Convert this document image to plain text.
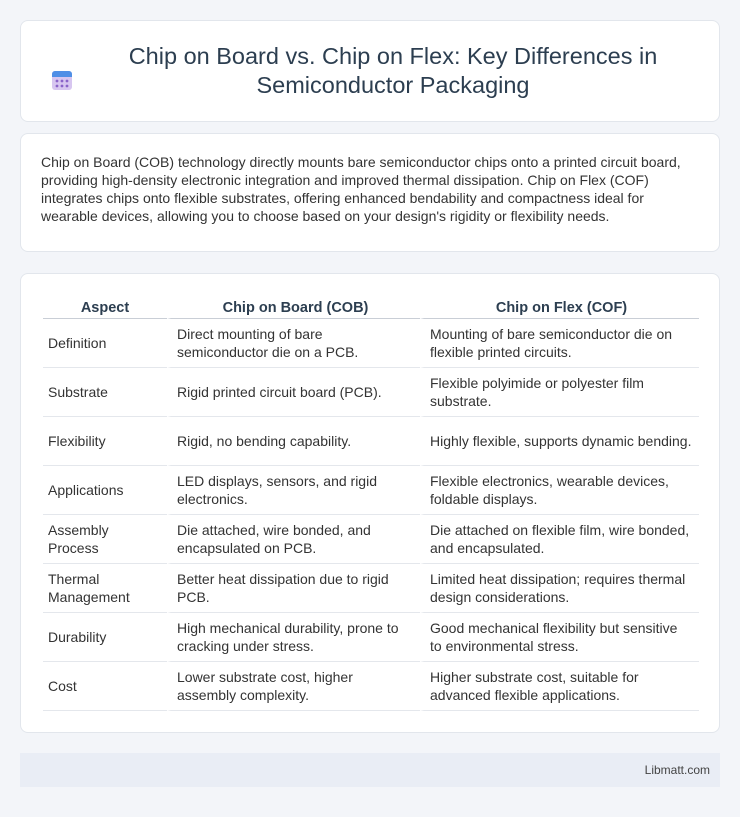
Chip on Board vs. Chip on Flex: Key Differences in Semiconductor Packaging

Chip on Board (COB) technology directly mounts bare semiconductor chips onto a printed circuit board, providing high-density electronic integration and improved thermal dissipation. Chip on Flex (COF) integrates chips onto flexible substrates, offering enhanced bendability and compactness ideal for wearable devices, allowing you to choose based on your design's rigidity or flexibility needs.

Aspect	Chip on Board (COB)	Chip on Flex (COF)
Definition	Direct mounting of bare semiconductor die on a PCB.	Mounting of bare semiconductor die on flexible printed circuits.
Substrate	Rigid printed circuit board (PCB).	Flexible polyimide or polyester film substrate.
Flexibility	Rigid, no bending capability.	Highly flexible, supports dynamic bending.
Applications	LED displays, sensors, and rigid electronics.	Flexible electronics, wearable devices, foldable displays.
Assembly Process	Die attached, wire bonded, and encapsulated on PCB.	Die attached on flexible film, wire bonded, and encapsulated.
Thermal Management	Better heat dissipation due to rigid PCB.	Limited heat dissipation; requires thermal design considerations.
Durability	High mechanical durability, prone to cracking under stress.	Good mechanical flexibility but sensitive to environmental stress.
Cost	Lower substrate cost, higher assembly complexity.	Higher substrate cost, suitable for advanced flexible applications.
Libmatt.com
